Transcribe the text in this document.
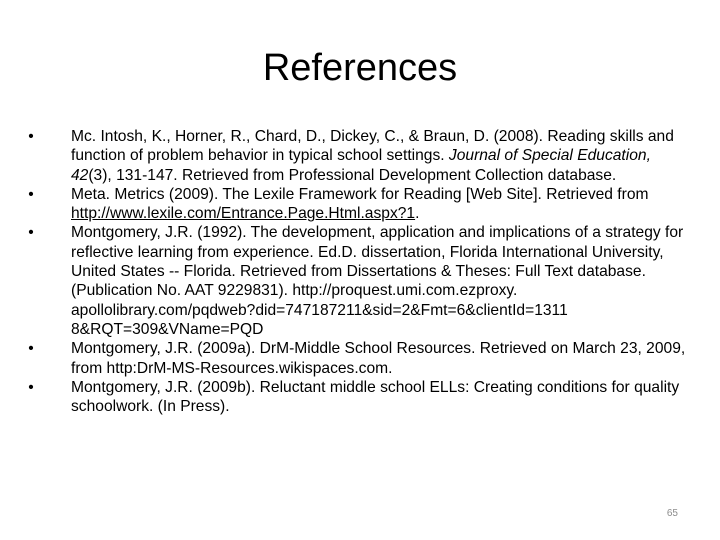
References
• Mc. Intosh, K., Horner, R., Chard, D., Dickey, C., & Braun, D. (2008). Reading skills and function of problem behavior in typical school settings. Journal of Special Education, 42(3), 131-147. Retrieved from Professional Development Collection database.
• Meta. Metrics (2009). The Lexile Framework for Reading [Web Site]. Retrieved from http://www.lexile.com/Entrance.Page.Html.aspx?1.
• Montgomery, J.R. (1992). The development, application and implications of a strategy for reflective learning from experience. Ed.D. dissertation, Florida International University, United States -- Florida. Retrieved from Dissertations & Theses: Full Text database. (Publication No. AAT 9229831). http://proquest.umi.com.ezproxy. apollolibrary.com/pqdweb?did=747187211&sid=2&Fmt=6&clientId=1311 8&RQT=309&VName=PQD
• Montgomery, J.R. (2009a). DrM-Middle School Resources. Retrieved on March 23, 2009, from http:DrM-MS-Resources.wikispaces.com.
• Montgomery, J.R. (2009b). Reluctant middle school ELLs: Creating conditions for quality schoolwork. (In Press).
65
